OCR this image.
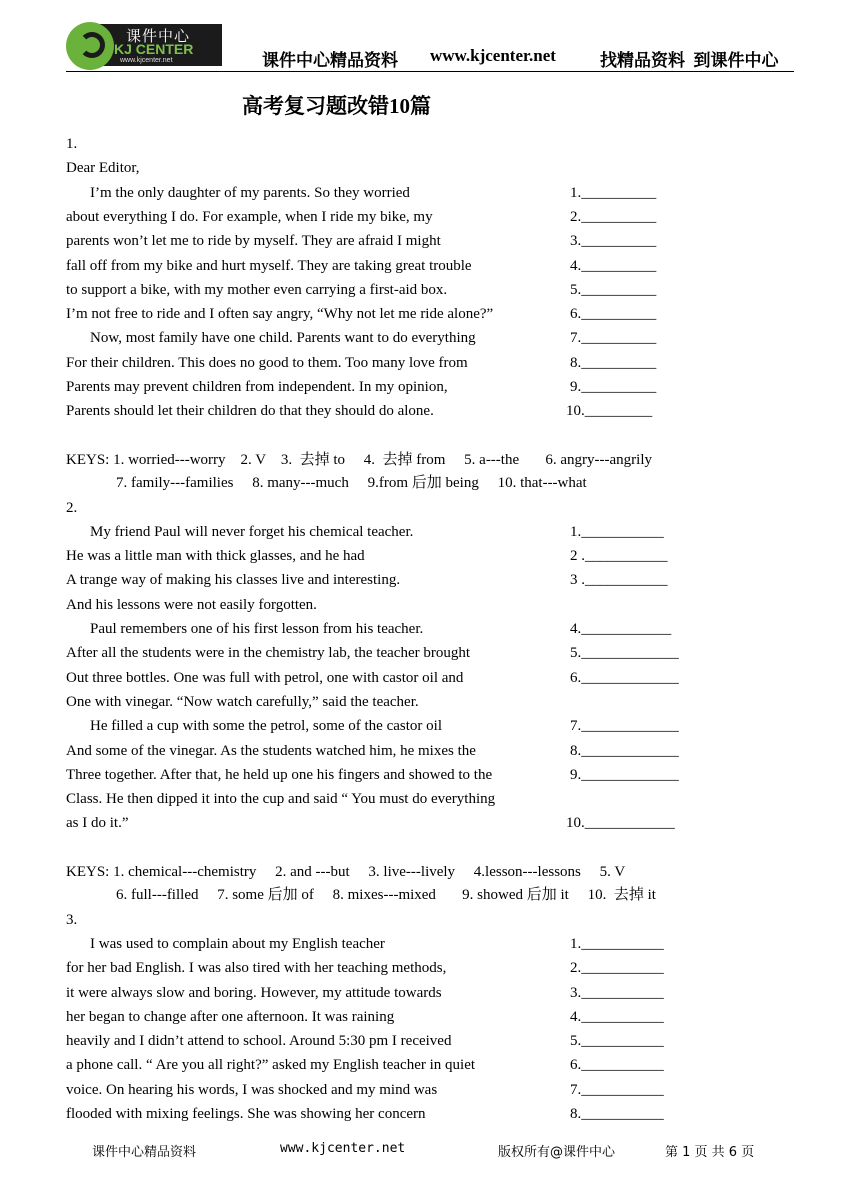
课件中心
KJ CENTER
www.kjcenter.net	课件中心精品资料 www.kjcenter.net	找精品资料  到课件中心
高考复习题改错10篇
1.
Dear Editor,
I’m the only daughter of my parents. So they worried	1.__________
about everything I do. For example, when I ride my bike, my	2.__________
parents won’t let me to ride by myself. They are afraid I might	3.__________
fall off from my bike and hurt myself. They are taking great trouble	4.__________
to support a bike, with my mother even carrying a first-aid box.	5.__________
I’m not free to ride and I often say angry, “Why not let me ride alone?”	6.__________
Now, most family have one child. Parents want to do everything	7.__________
For their children. This does no good to them. Too many love from	8.__________
Parents may prevent children from independent. In my opinion,	9.__________
Parents should let their children do that they should do alone.	10._________
KEYS: 1. worried---worry    2. V    3.  去掉 to     4.  去掉 from     5. a---the       6. angry---angrily
7. family---families     8. many---much     9.from 后加 being     10. that---what
2.
My friend Paul will never forget his chemical teacher.	1.___________
He was a little man with thick glasses, and he had	2 .___________
A trange way of making his classes live and interesting.	3 .___________
And his lessons were not easily forgotten.
Paul remembers one of his first lesson from his teacher.	4.____________
After all the students were in the chemistry lab, the teacher brought	5._____________
Out three bottles. One was full with petrol, one with castor oil and	6._____________
One with vinegar. “Now watch carefully,” said the teacher.
He filled a cup with some the petrol, some of the castor oil	7._____________
And some of the vinegar. As the students watched him, he mixes the	8._____________
Three together. After that, he held up one his fingers and showed to the	9._____________
Class. He then dipped it into the cup and said “ You must do everything
as I do it.”	10.____________
KEYS: 1. chemical---chemistry     2. and ---but     3. live---lively     4.lesson---lessons     5. V
6. full---filled     7. some 后加 of     8. mixes---mixed       9. showed 后加 it     10.  去掉 it
3.
I was used to complain about my English teacher	1.___________
for her bad English. I was also tired with her teaching methods,	2.___________
it were always slow and boring. However, my attitude towards	3.___________
her began to change after one afternoon. It was raining	4.___________
heavily and I didn’t attend to school. Around 5:30 pm I received	5.___________
a phone call. “ Are you all right?” asked my English teacher in quiet	6.___________
voice. On hearing his words, I was shocked and my mind was	7.___________
flooded with mixing feelings. She was showing her concern	8.___________
课件中心精品资料	www.kjcenter.net	版权所有@课件中心	第 1 页 共 6 页
